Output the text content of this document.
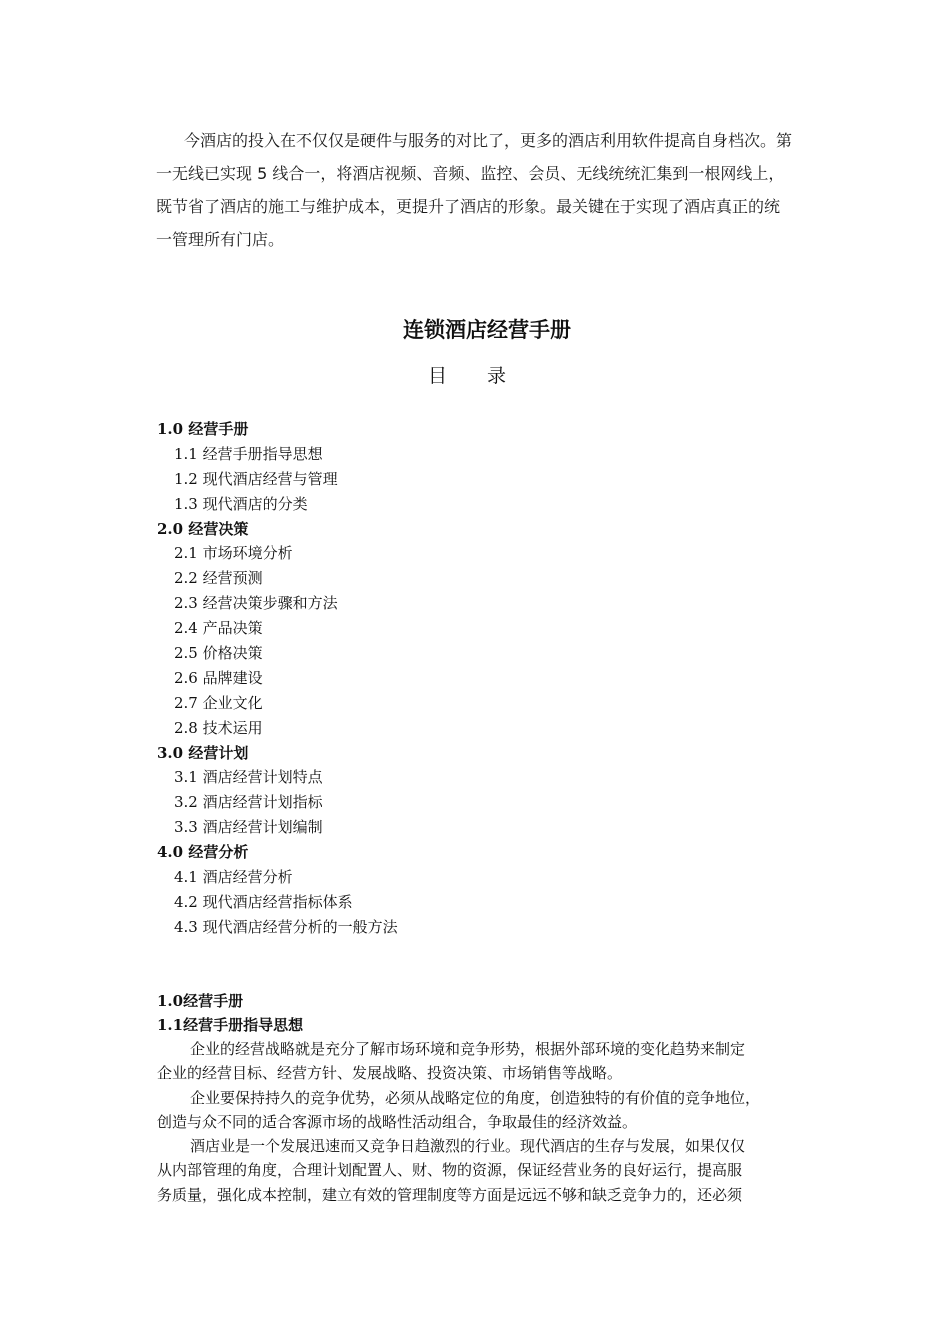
今酒店的投入在不仅仅是硬件与服务的对比了，更多的酒店利用软件提高自身档次。第

一无线已实现 5 线合一，将酒店视频、音频、监控、会员、无线统统汇集到一根网线上，

既节省了酒店的施工与维护成本，更提升了酒店的形象。最关键在于实现了酒店真正的统

一管理所有门店。

连锁酒店经营手册
目录
1.0 经营手册
1.1 经营手册指导思想
1.2 现代酒店经营与管理
1.3 现代酒店的分类
2.0 经营决策
2.1 市场环境分析
2.2 经营预测
2.3 经营决策步骤和方法
2.4 产品决策
2.5 价格决策
2.6 品牌建设
2.7 企业文化
2.8 技术运用
3.0 经营计划
3.1 酒店经营计划特点
3.2 酒店经营计划指标
3.3 酒店经营计划编制
4.0 经营分析
4.1 酒店经营分析
4.2 现代酒店经营指标体系
4.3 现代酒店经营分析的一般方法
1.0经营手册
1.1经营手册指导思想

企业的经营战略就是充分了解市场环境和竞争形势，根据外部环境的变化趋势来制定
企业的经营目标、经营方针、发展战略、投资决策、市场销售等战略。

企业要保持持久的竞争优势，必须从战略定位的角度，创造独特的有价值的竞争地位，
创造与众不同的适合客源市场的战略性活动组合，争取最佳的经济效益。

酒店业是一个发展迅速而又竞争日趋激烈的行业。现代酒店的生存与发展，如果仅仅
从内部管理的角度，合理计划配置人、财、物的资源，保证经营业务的良好运行，提高服
务质量，强化成本控制，建立有效的管理制度等方面是远远不够和缺乏竞争力的，还必须
